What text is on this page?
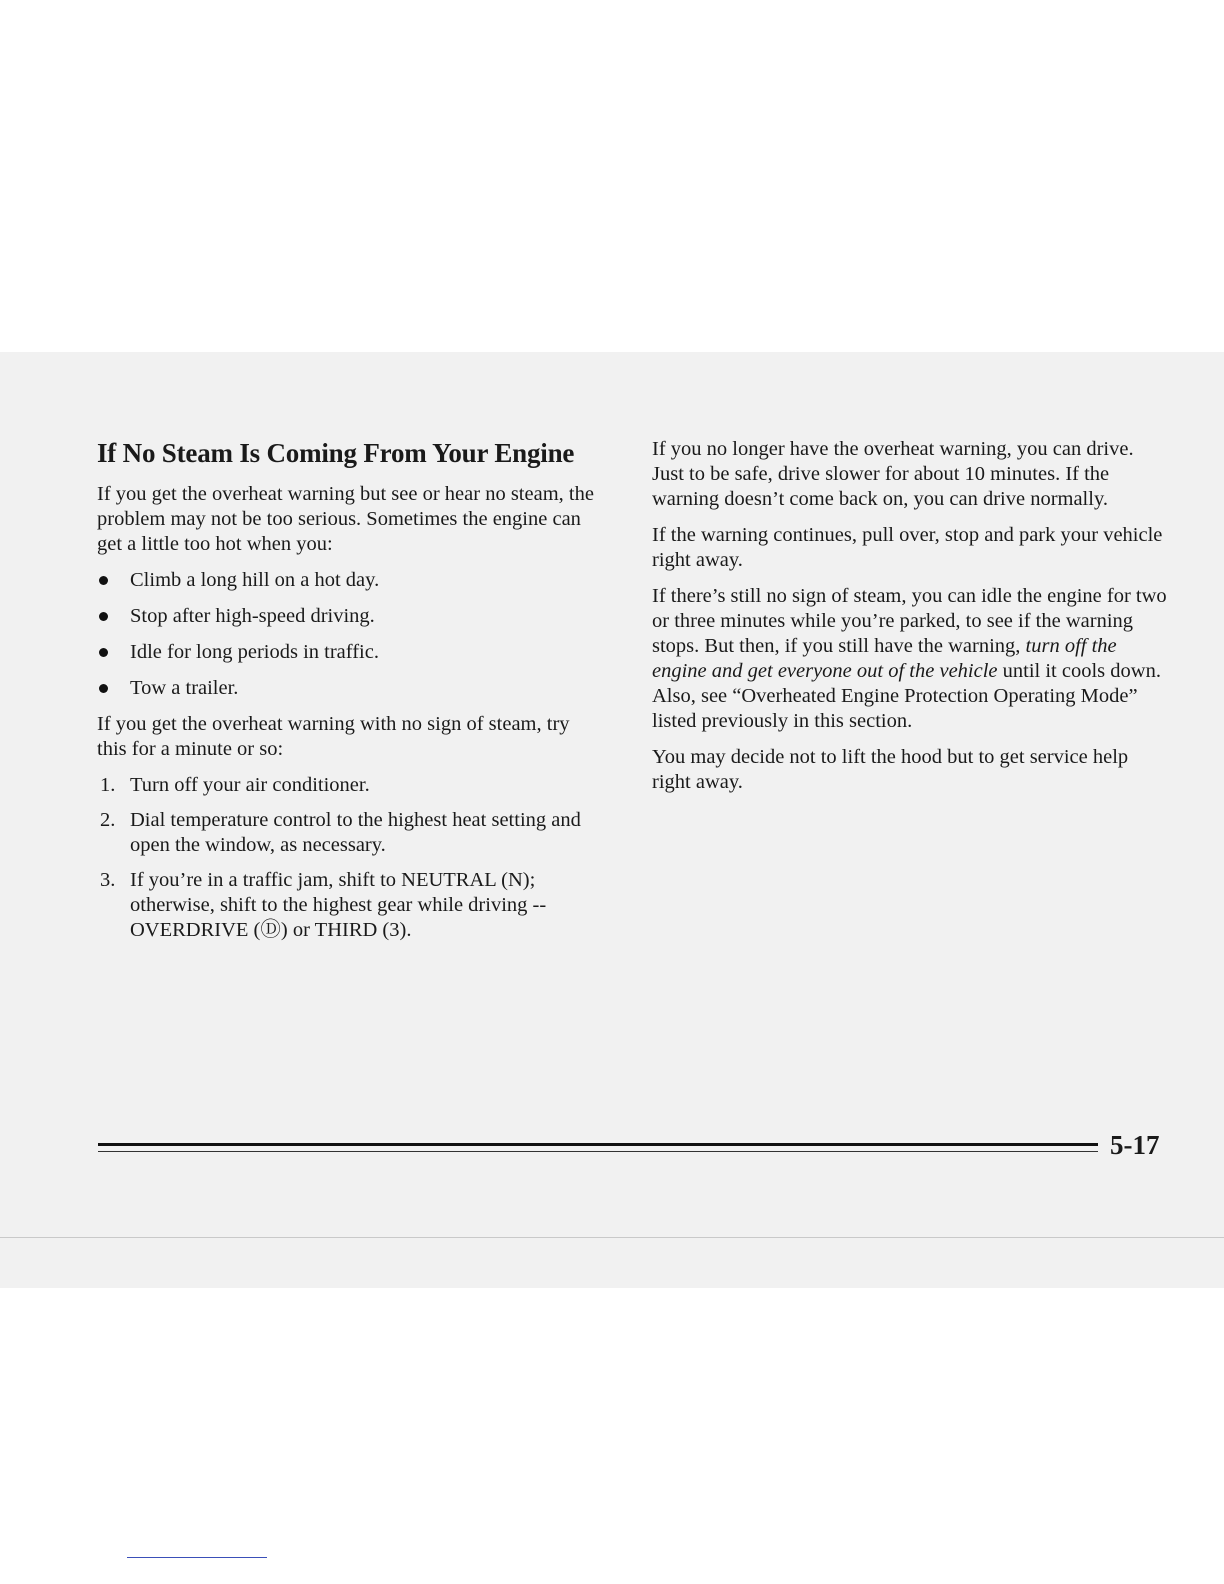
If No Steam Is Coming From Your Engine

If you get the overheat warning but see or hear no steam, the problem may not be too serious. Sometimes the engine can get a little too hot when you:

Climb a long hill on a hot day.
Stop after high-speed driving.
Idle for long periods in traffic.
Tow a trailer.

If you get the overheat warning with no sign of steam, try this for a minute or so:

1. Turn off your air conditioner.
2. Dial temperature control to the highest heat setting and open the window, as necessary.
3. If you’re in a traffic jam, shift to NEUTRAL (N); otherwise, shift to the highest gear while driving -- OVERDRIVE (Ⓓ) or THIRD (3).

If you no longer have the overheat warning, you can drive. Just to be safe, drive slower for about 10 minutes. If the warning doesn’t come back on, you can drive normally.

If the warning continues, pull over, stop and park your vehicle right away.

If there’s still no sign of steam, you can idle the engine for two or three minutes while you’re parked, to see if the warning stops. But then, if you still have the warning, turn off the engine and get everyone out of the vehicle until it cools down. Also, see “Overheated Engine Protection Operating Mode” listed previously in this section.

You may decide not to lift the hood but to get service help right away.

5-17
